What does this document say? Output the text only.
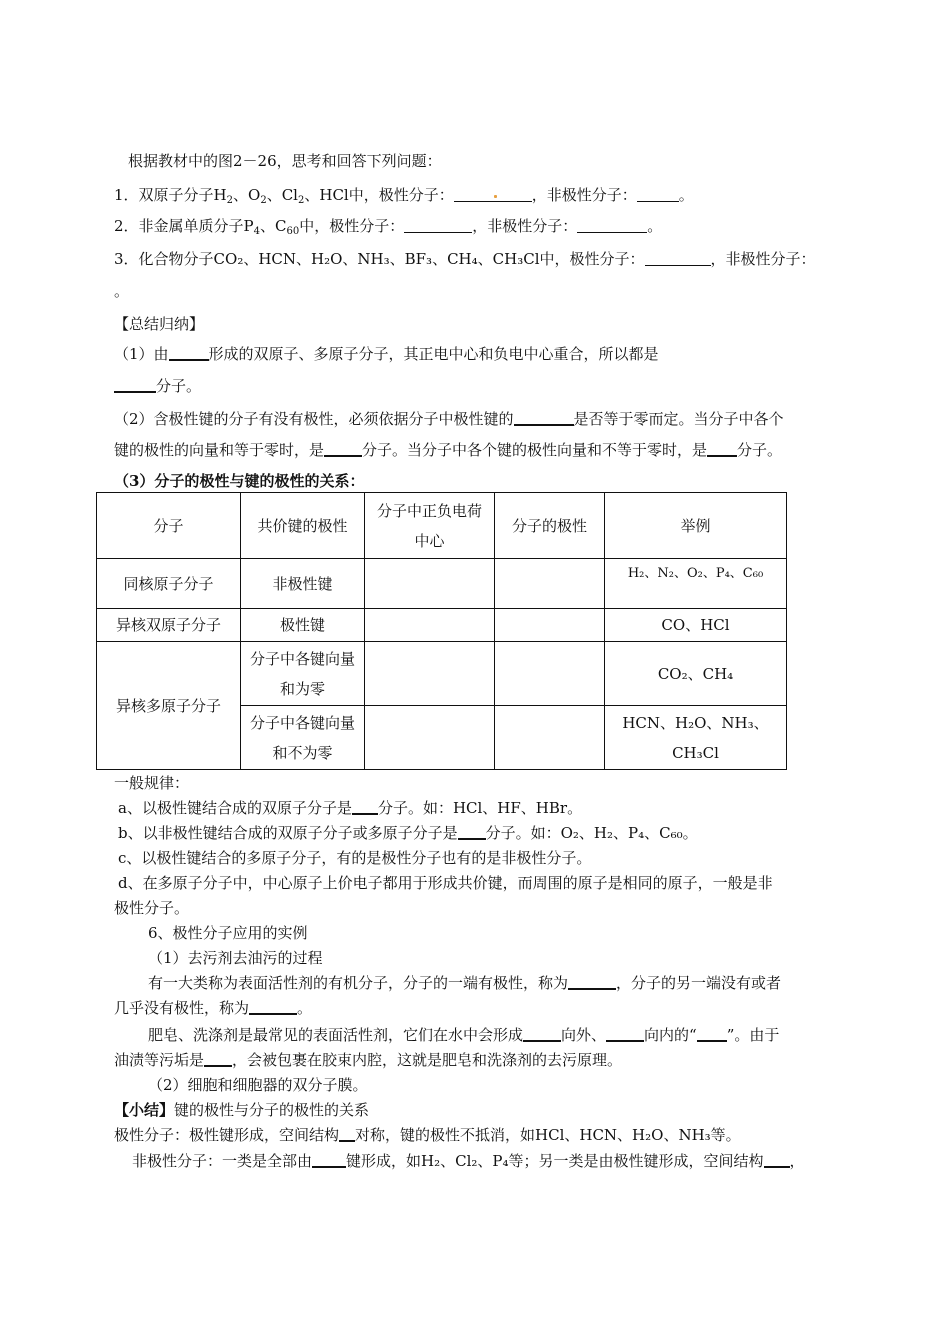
根据教材中的图2－26，思考和回答下列问题：
1．双原子分子$H_2$、$O_2$、$Cl_2$、HCl中，极性分子：	，非极性分子：	。
2．非金属单质分子$P_4$、$C_{60}$中，极性分子：	，非极性分子：	。
3．化合物分子CO₂、HCN、H₂O、NH₃、BF₃、CH₄、CH₃Cl中，极性分子：	，非极性分子：
。
【总结归纳】
（1）由	形成的双原子、多原子分子，其正电中心和负电中心重合，所以都是
分子。
（2）含极性键的分子有没有极性，必须依据分子中极性键的	是否等于零而定。当分子中各个
键的极性的向量和等于零时，是	分子。当分子中各个键的极性向量和不等于零时，是 分子。
（3）分子的极性与键的极性的关系：
分子	共价键的极性	分子中正负电荷中心	分子的极性	举例
同核原子分子	非极性键			H₂、N₂、O₂、P₄、C₆₀
异核双原子分子	极性键			CO、HCl
异核多原子分子	分子中各键向量和为零			CO₂、CH₄
	分子中各键向量和不为零			HCN、H₂O、NH₃、CH₃Cl
一般规律：
a、以极性键结合成的双原子分子是 分子。如：HCl、HF、HBr。
b、以非极性键结合成的双原子分子或多原子分子是 分子。如：O₂、H₂、P₄、C₆₀。
c、以极性键结合的多原子分子，有的是极性分子也有的是非极性分子。
d、在多原子分子中，中心原子上价电子都用于形成共价键，而周围的原子是相同的原子，一般是非
极性分子。
6、极性分子应用的实例
（1）去污剂去油污的过程
有一大类称为表面活性剂的有机分子，分子的一端有极性，称为	，分子的另一端没有或者
几乎没有极性，称为	。
肥皂、洗涤剂是最常见的表面活性剂，它们在水中会形成	向外、	向内的“ ”。由于
油渍等污垢是 ，会被包裹在胶束内腔，这就是肥皂和洗涤剂的去污原理。
（2）细胞和细胞器的双分子膜。
【小结】键的极性与分子的极性的关系
极性分子：极性键形成，空间结构 对称，键的极性不抵消，如HCl、HCN、H₂O、NH₃等。
非极性分子：一类是全部由 键形成，如H₂、Cl₂、P₄等；另一类是由极性键形成，空间结构 ，
